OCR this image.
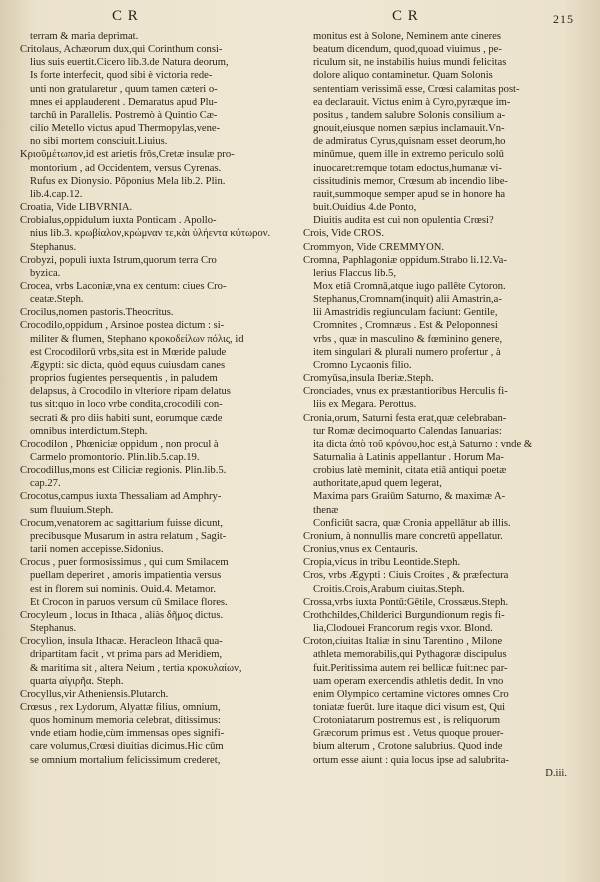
C R	C R	215
terram & maria deprimat.
Critolaus, Achæorum dux,qui Corinthum consi-
lius suis euertit.Cicero lib.3.de Natura deorum,
Is forte interfecit, quod sibi è victoria rede-
unti non gratularetur , quum tamen cæteri o-
mnes ei applauderent . Demaratus apud Plu-
tarchū in Parallelis. Postremò à Quintio Cæ-
cilio Metello victus apud Thermopylas,vene-
no sibi mortem consciuit.Liuius.
Κριοῦμέτωπον,id est arietis frōs,Cretæ insulæ pro-
montorium , ad Occidentem, versus Cyrenas.
Rufus ex Dionysio. Pōponius Mela lib.2. Plin.
lib.4.cap.12.
Croatia, Vide LIBVRNIA.
Crobialus,oppidulum iuxta Ponticam . Apollo-
nius lib.3. κρωβίαλον,κρώμναν τε,κὰι ὑλήεντα κύτωρον.
Stephanus.
Crobyzi, populi iuxta Istrum,quorum terra Cro
byzica.
Crocea, vrbs Laconiæ,vna ex centum: ciues Cro-
ceatæ.Steph.
Crocilus,nomen pastoris.Theocritus.
Crocodilo,oppidum , Arsinoe postea dictum : si-
militer & flumen, Stephano κροκοδείλων πόλις, id
est Crocodilorū vrbs,sita est in Mœride palude
Ægypti: sic dicta, quòd equus cuiusdam canes
proprios fugientes persequentis , in paludem
delapsus, à Crocodilo in vlteriore ripam delatus
tus sit:quo in loco vrbe condita,crocodili con-
secrati & pro diis habiti sunt, eorumque cæde
omnibus interdictum.Steph.
Crocodilon , Phœniciæ oppidum , non procul à
Carmelo promontorio. Plin.lib.5.cap.19.
Crocodillus,mons est Ciliciæ regionis. Plin.lib.5.
cap.27.
Crocotus,campus iuxta Thessaliam ad Amphry-
sum fluuium.Steph.
Crocum,venatorem ac sagittarium fuisse dicunt,
precibusque Musarum in astra relatum , Sagit-
tarii nomen accepisse.Sidonius.
Crocus , puer formosissimus , qui cum Smilacem
puellam deperiret , amoris impatientia versus
est in florem sui nominis. Ouid.4. Metamor.
Et Crocon in paruos versum cū Smilace flores.
Crocyleum , locus in Ithaca , aliàs δῆμος dictus.
Stephanus.
Crocylion, insula Ithacæ. Heracleon Ithacā qua-
dripartitam facit , vt prima pars ad Meridiem,
& maritima sit , altera Neium , tertia κροκυλαίων,
quarta αἰγιρῆα. Steph.
Crocyllus,vir Atheniensis.Plutarch.
Crœsus , rex Lydorum, Alyattæ filius, omnium,
quos hominum memoria celebrat, ditissimus:
vnde etiam hodie,cùm immensas opes signifi-
care volumus,Crœsi diuitias dicimus.Hic cūm
se omnium mortalium felicissimum crederet,
monitus est à Solone, Neminem ante cineres
beatum dicendum, quod,quoad viuimus , pe-
riculum sit, ne instabilis huius mundi felicitas
dolore aliquo contaminetur. Quam Solonis
sententiam verissimā esse, Crœsi calamitas post-
ea declarauit. Victus enim à Cyro,pyræque im-
positus , tandem salubre Solonis consilium a-
gnouit,eiusque nomen sæpius inclamauit.Vn-
de admiratus Cyrus,quisnam esset deorum,ho
minūmue, quem ille in extremo periculo solū
inuocaret:remque totam edoctus,humanæ vi-
cissitudinis memor, Crœsum ab incendio libe-
rauit,summoque semper apud se in honore ha
buit.Ouidius 4.de Ponto,
Diuitis audita est cui non opulentia Crœsi?
Crois, Vide CROS.
Crommyon, Vide CREMMYON.
Cromna, Paphlagoniæ oppidum.Strabo li.12.Va-
lerius Flaccus lib.5,
Mox etiā Cromnā,atque iugo pallēte Cytoron.
Stephanus,Cromnam(inquit) alii Amastrin,a-
lii Amastridis regiunculam faciunt: Gentile,
Cromnites , Cromnæus . Est & Peloponnesi
vrbs , quæ in masculino & fœminino genere,
item singulari & plurali numero profertur , à
Cromno Lycaonis filio.
Cromyūsa,insula Iberiæ.Steph.
Cronciades, vnus ex præstantioribus Herculis fi-
liis ex Megara. Perottus.
Cronia,orum, Saturni festa erat,quæ celebraban-
tur Romæ decimoquarto Calendas Ianuarias:
ita dicta ἀπὸ τοῦ κρόνου,hoc est,à Saturno : vnde &
Saturnalia à Latinis appellantur . Horum Ma-
crobius latè meminit, citata etiā antiqui poetæ
authoritate,apud quem legerat,
Maxima pars Graiūm Saturno, & maximæ A-
thenæ
Conficiūt sacra, quæ Cronia appellātur ab illis.
Cronium, à nonnullis mare concretū appellatur.
Cronius,vnus ex Centauris.
Cropia,vicus in tribu Leontide.Steph.
Cros, vrbs Ægypti : Ciuis Croites , & præfectura
Croitis.Crois,Arabum ciuitas.Steph.
Crossa,vrbs iuxta Pontū:Gētile, Crossæus.Steph.
Crothchildes,Childerici Burgundionum regis fi-
lia,Clodouei Francorum regis vxor. Blond.
Croton,ciuitas Italiæ in sinu Tarentino , Milone
athleta memorabilis,qui Pythagoræ discipulus
fuit.Peritissima autem rei bellicæ fuit:nec par-
uam operam exercendis athletis dedit. In vno
enim Olympico certamine victores omnes Cro
toniatæ fuerūt. lure itaque dici visum est, Qui
Crotoniatarum postremus est , is reliquorum
Græcorum primus est . Vetus quoque prouer-
bium alterum , Crotone salubrius. Quod inde
ortum esse aiunt : quia locus ipse ad salubrita-
D.iii.
